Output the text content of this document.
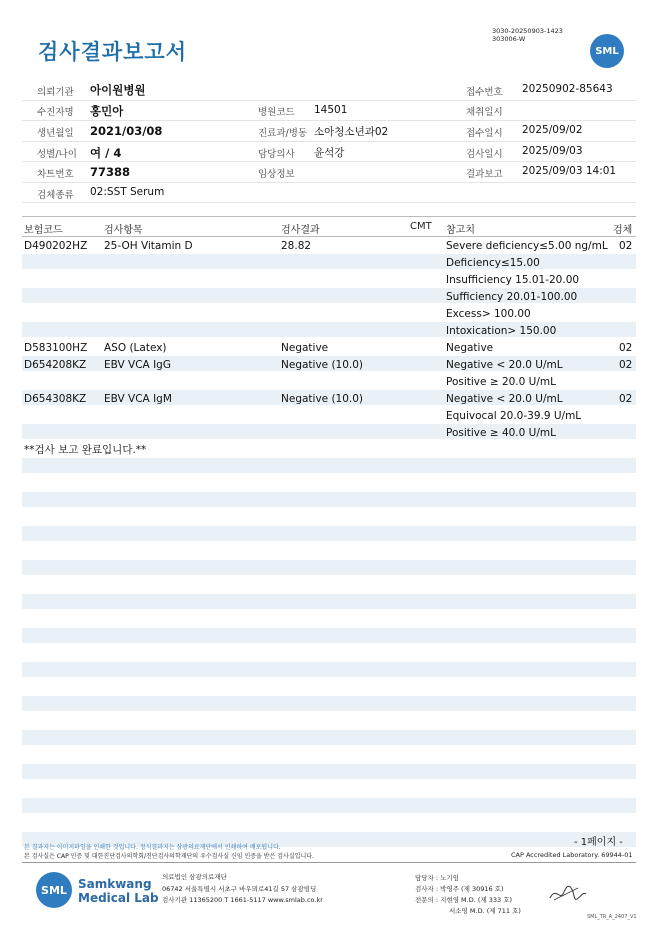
검사결과보고서
3030-20250903-1423
303006-W
SML
의뢰기관 아이원병원
수진자명 홍민아
생년월일 2021/03/08
성별/나이 여 / 4
차트번호 77388
검체종류 02:SST Serum
병원코드 14501
진료과/병동 소아청소년과02
담당의사 윤석강
임상정보
접수번호 20250902-85643
채취일시
접수일시 2025/09/02
검사일시 2025/09/03
결과보고 2025/09/03 14:01
보험코드	검사항목	검사결과	CMT 참고치	검체
D490202HZ 25-OH Vitamin D	28.82	Severe deficiency≤5.00 ng/mL 02
Deficiency≤15.00
Insufficiency 15.01-20.00
Sufficiency 20.01-100.00
Excess> 100.00
Intoxication> 150.00
D583100HZ ASO (Latex)	Negative	Negative	02
D654208KZ EBV VCA IgG	Negative (10.0)	Negative < 20.0 U/mL	02
Positive ≥ 20.0 U/mL
D654308KZ EBV VCA IgM	Negative (10.0)	Negative < 20.0 U/mL	02
Equivocal 20.0-39.9 U/mL
Positive ≥ 40.0 U/mL
**검사 보고 완료입니다.**
- 1페이지 -
본 결과지는 이미지파일을 인쇄한 것입니다. 정식결과지는 삼광의료재단에서 인쇄하여 배포됩니다.
본 검사실은 CAP 인증 및 대한진단검사의학회/진단검사의학재단의 우수검사실 신임 인증을 받은 검사실입니다.	CAP Accredited Laboratory. 69944-01
SML Samkwang
Medical Lab
의료법인 삼광의료재단
06742 서울특별시 서초구 바우뫼로41길 57 삼광빌딩
검사기관 11365200 T 1661-5117 www.smlab.co.kr
담당자 : 노기임
검사자 : 박영주 (제 30916 호)
전문의 : 지현영 M.D. (제 333 호)
서소영 M.D. (제 711 호)
SML_TR_A_2407_V1
